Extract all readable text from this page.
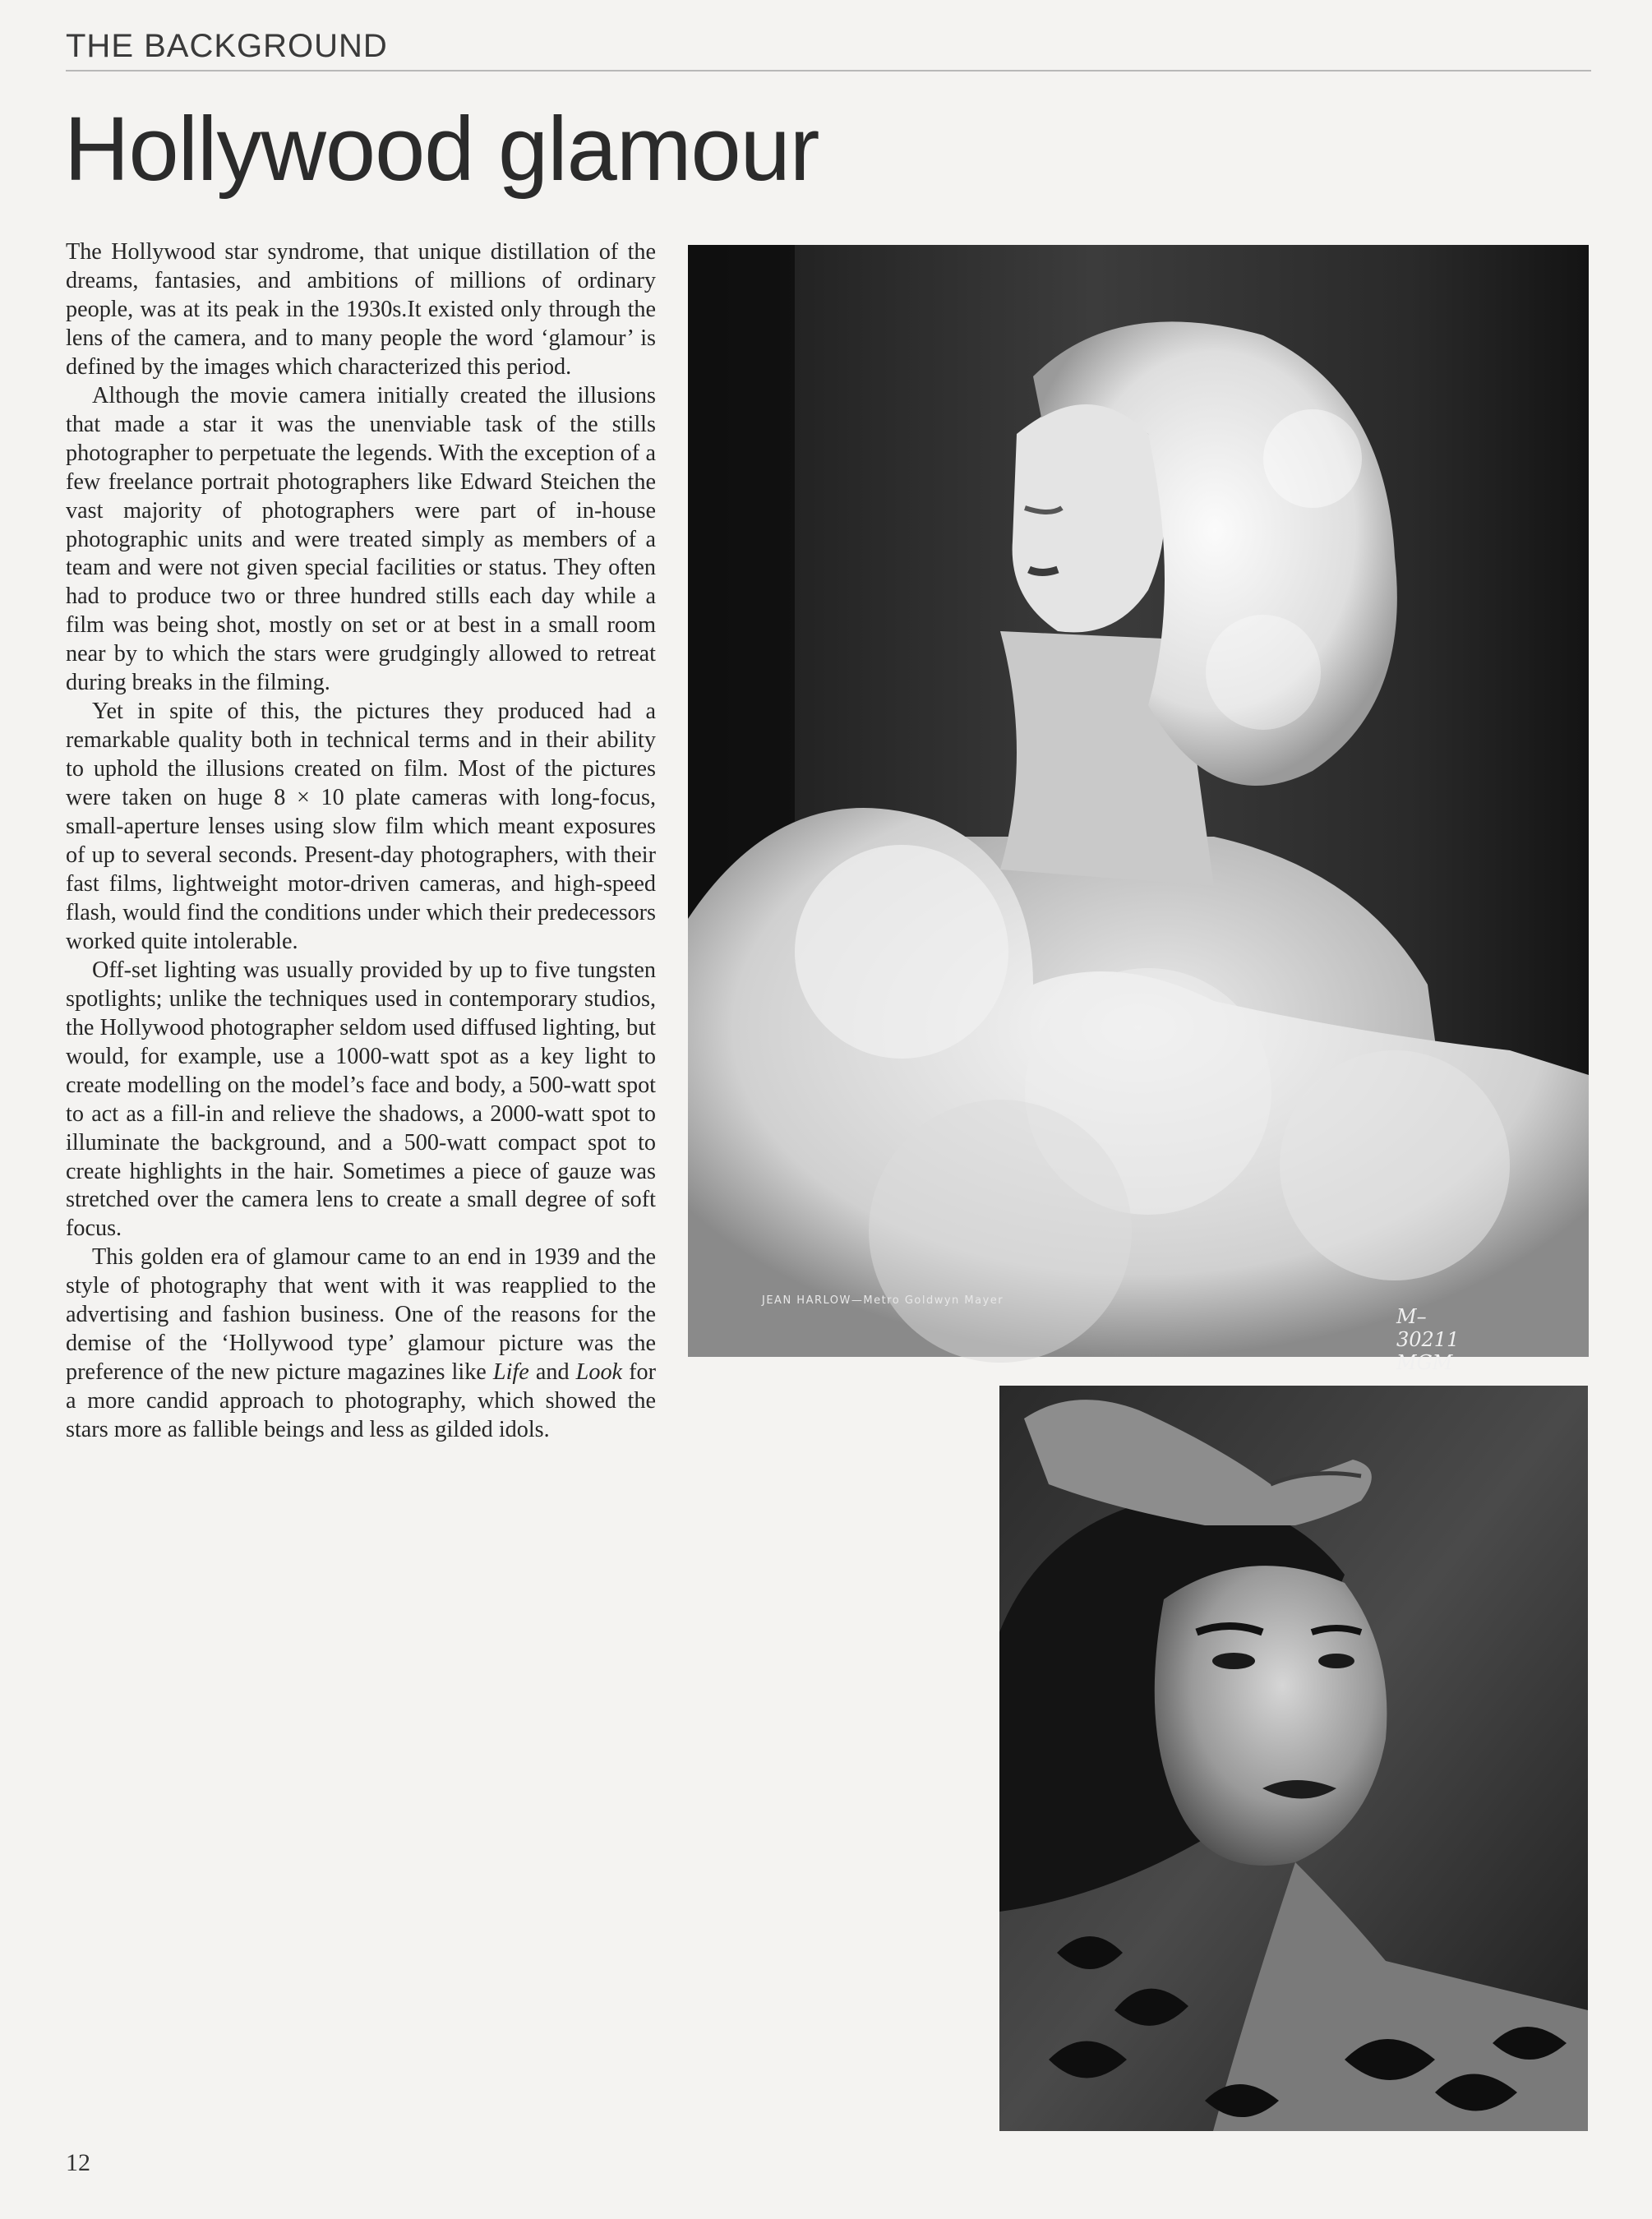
THE BACKGROUND
Hollywood glamour

The Hollywood star syndrome, that unique distillation of the dreams, fantasies, and ambitions of millions of ordinary people, was at its peak in the 1930s.It existed only through the lens of the camera, and to many people the word ‘glamour’ is defined by the images which characterized this period.

Although the movie camera initially created the illusions that made a star it was the unenviable task of the stills photographer to perpetuate the legends. With the exception of a few freelance portrait photographers like Edward Steichen the vast majority of photographers were part of in-house photographic units and were treated simply as members of a team and were not given special facilities or status. They often had to produce two or three hundred stills each day while a film was being shot, mostly on set or at best in a small room near by to which the stars were grudgingly allowed to retreat during breaks in the filming.

Yet in spite of this, the pictures they produced had a remarkable quality both in technical terms and in their ability to uphold the illusions created on film. Most of the pictures were taken on huge 8 × 10 plate cameras with long-focus, small-aperture lenses using slow film which meant exposures of up to several seconds. Present-day photographers, with their fast films, lightweight motor-driven cameras, and high-speed flash, would find the conditions under which their predecessors worked quite intolerable.

Off-set lighting was usually provided by up to five tungsten spotlights; unlike the techniques used in contemporary studios, the Hollywood photographer seldom used diffused lighting, but would, for example, use a 1000-watt spot as a key light to create modelling on the model’s face and body, a 500-watt spot to act as a fill-in and relieve the shadows, a 2000-watt spot to illuminate the background, and a 500-watt compact spot to create highlights in the hair. Sometimes a piece of gauze was stretched over the camera lens to create a small degree of soft focus.

This golden era of glamour came to an end in 1939 and the style of photography that went with it was reapplied to the advertising and fashion business. One of the reasons for the demise of the ‘Hollywood type’ glamour picture was the preference of the new picture magazines like Life and Look for a more candid approach to photography, which showed the stars more as fallible beings and less as gilded idols.

JEAN HARLOW—Metro Goldwyn Mayer
M– 30211 MGM
12
